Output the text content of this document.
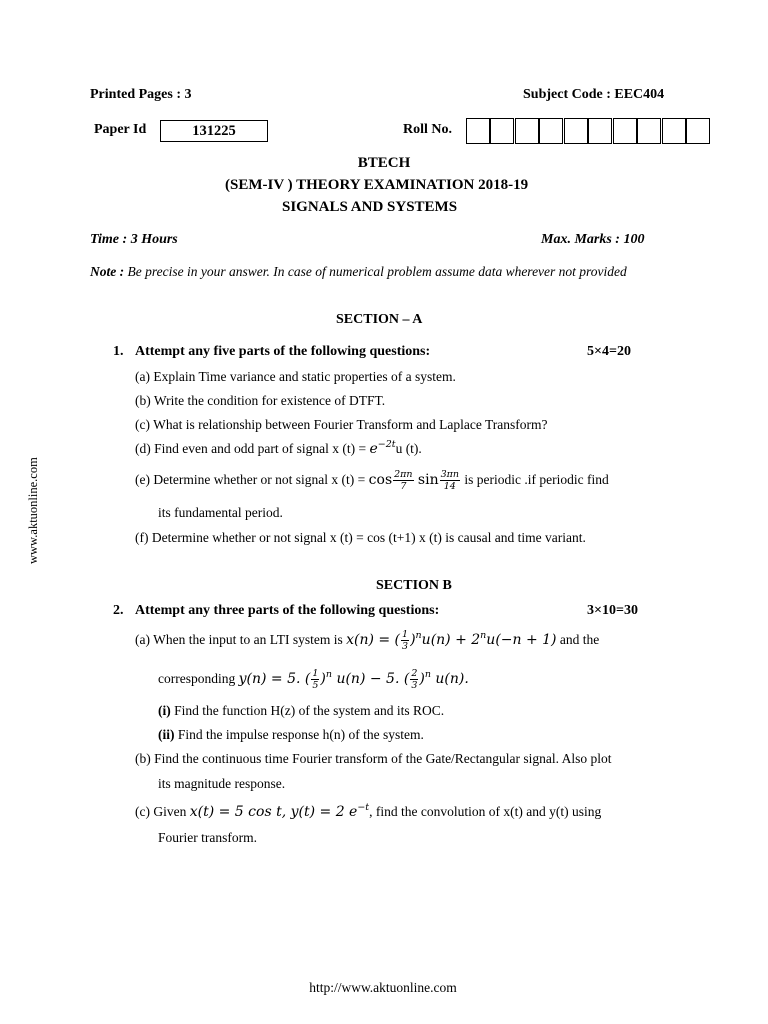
Printed Pages : 3	Subject Code : EEC404
Paper Id	131225	Roll No.
BTECH
(SEM-IV ) THEORY EXAMINATION 2018-19
SIGNALS AND SYSTEMS
Time : 3 Hours	Max. Marks : 100
Note : Be precise in your answer. In case of numerical problem assume data wherever not provided
SECTION – A
1. Attempt any five parts of the following questions:	5×4=20
(a) Explain Time variance and static properties of a system.
(b) Write the condition for existence of DTFT.
(c) What is relationship between Fourier Transform and Laplace Transform?
(d) Find even and odd part of signal x $(t) = e^{-2t}u$ (t).
(e) Determine whether or not signal x $(t) = \cos \frac{2\pi n}{7}$ $\sin \frac{3\pi n}{14}$ is periodic .if periodic find
its fundamental period.
(f) Determine whether or not signal x (t) = cos (t+1) x (t) is causal and time variant.
SECTION B
2. Attempt any three parts of the following questions:	3×10=30
(a) When the input to an LTI system is x(n) = ( $\frac{1}{3} )^nu(n) + 2^nu(-n + 1)$ and the
corresponding y(n) = 5. ( $\frac{1}{5} )^n$ u(n) − 5. ( $\frac{2}{3} )^n$ u(n).
(i) Find the function H(z) of the system and its ROC.
(ii) Find the impulse response h(n) of the system.
(b) Find the continuous time Fourier transform of the Gate/Rectangular signal. Also plot
its magnitude response.
(c) Given x(t) = 5 cos t, y(t) = 2 $e^{-t}$, find the convolution of x(t) and y(t) using
Fourier transform.
http://www.aktuonline.com
www.aktuonline.com
